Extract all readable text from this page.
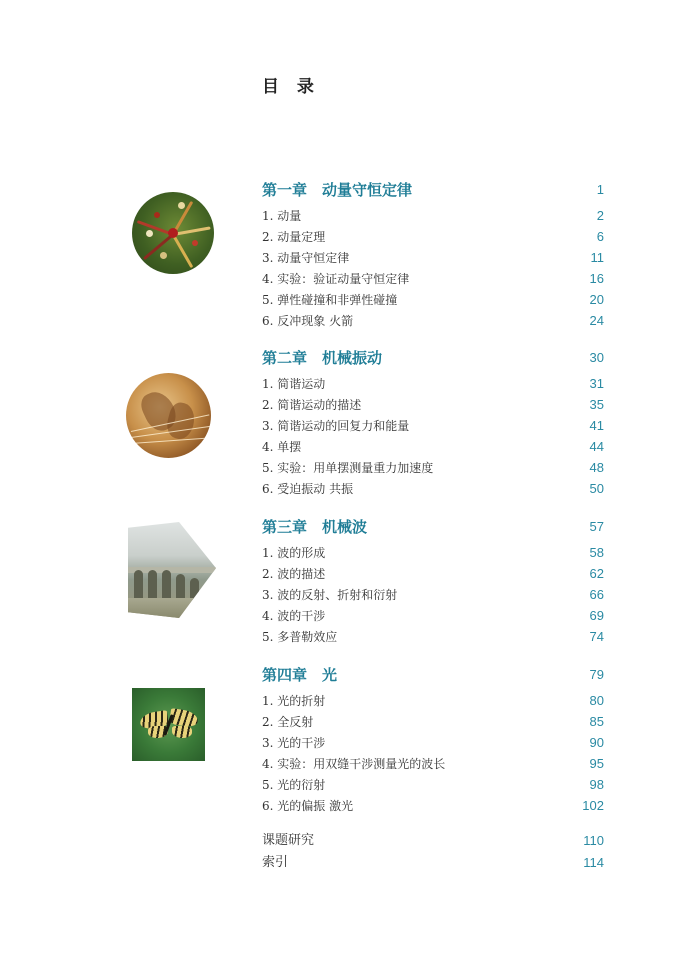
目 录
第一章　动量守恒定律	1
1. 动量	2
2. 动量定理	6
3. 动量守恒定律	11
4. 实验：验证动量守恒定律	16
5. 弹性碰撞和非弹性碰撞	20
6. 反冲现象 火箭	24
第二章　机械振动	30
1. 简谐运动	31
2. 简谐运动的描述	35
3. 简谐运动的回复力和能量	41
4. 单摆	44
5. 实验：用单摆测量重力加速度	48
6. 受迫振动 共振	50
第三章　机械波	57
1. 波的形成	58
2. 波的描述	62
3. 波的反射、折射和衍射	66
4. 波的干涉	69
5. 多普勒效应	74
第四章　光	79
1. 光的折射	80
2. 全反射	85
3. 光的干涉	90
4. 实验：用双缝干涉测量光的波长	95
5. 光的衍射	98
6. 光的偏振 激光	102
课题研究	110
索引	114
